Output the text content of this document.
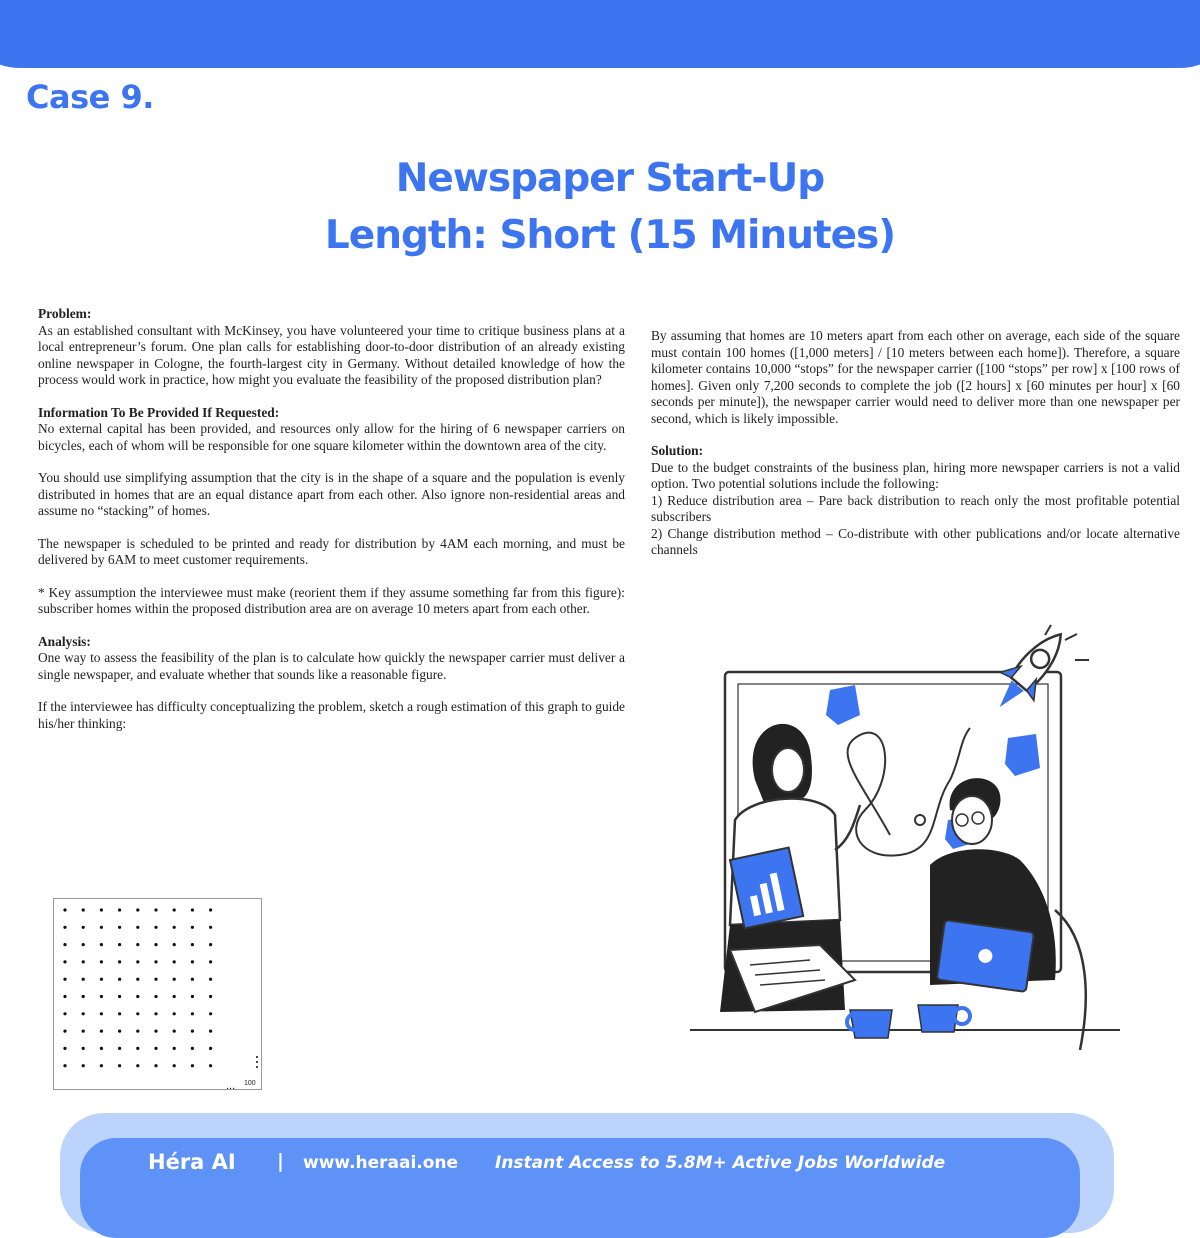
Case 9.
Newspaper Start-Up
Length: Short (15 Minutes)

Problem:

As an established consultant with McKinsey, you have volunteered your time to critique business plans at a local entrepreneur’s forum. One plan calls for establishing door-to-door distribution of an already existing online newspaper in Cologne, the fourth-largest city in Germany. Without detailed knowledge of how the process would work in practice, how might you evaluate the feasibility of the proposed distribution plan?

Information To Be Provided If Requested:

No external capital has been provided, and resources only allow for the hiring of 6 newspaper carriers on bicycles, each of whom will be responsible for one square kilometer within the downtown area of the city.

You should use simplifying assumption that the city is in the shape of a square and the population is evenly distributed in homes that are an equal distance apart from each other. Also ignore non-residential areas and assume no “stacking” of homes.

The newspaper is scheduled to be printed and ready for distribution by 4AM each morning, and must be delivered by 6AM to meet customer requirements.

* Key assumption the interviewee must make (reorient them if they assume something far from this figure): subscriber homes within the proposed distribution area are on average 10 meters apart from each other.

Analysis:

One way to assess the feasibility of the plan is to calculate how quickly the newspaper carrier must deliver a single newspaper, and evaluate whether that sounds like a reasonable figure.

If the interviewee has difficulty conceptualizing the problem, sketch a rough estimation of this graph to guide his/her thinking:

By assuming that homes are 10 meters apart from each other on average, each side of the square must contain 100 homes ([1,000 meters] / [10 meters between each home]). Therefore, a square kilometer contains 10,000 “stops” for the newspaper carrier ([100 “stops” per row] x [100 rows of homes]. Given only 7,200 seconds to complete the job ([2 hours] x [60 minutes per hour] x [60 seconds per minute]), the newspaper carrier would need to deliver more than one newspaper per second, which is likely impossible.

Solution:

Due to the budget constraints of the business plan, hiring more newspaper carriers is not a valid option. Two potential solutions include the following:

1) Reduce distribution area – Pare back distribution to reach only the most profitable potential subscribers

2) Change distribution method – Co-distribute with other publications and/or locate alternative channels

100
...
Héra AI | www.heraai.one Instant Access to 5.8M+ Active Jobs Worldwide
